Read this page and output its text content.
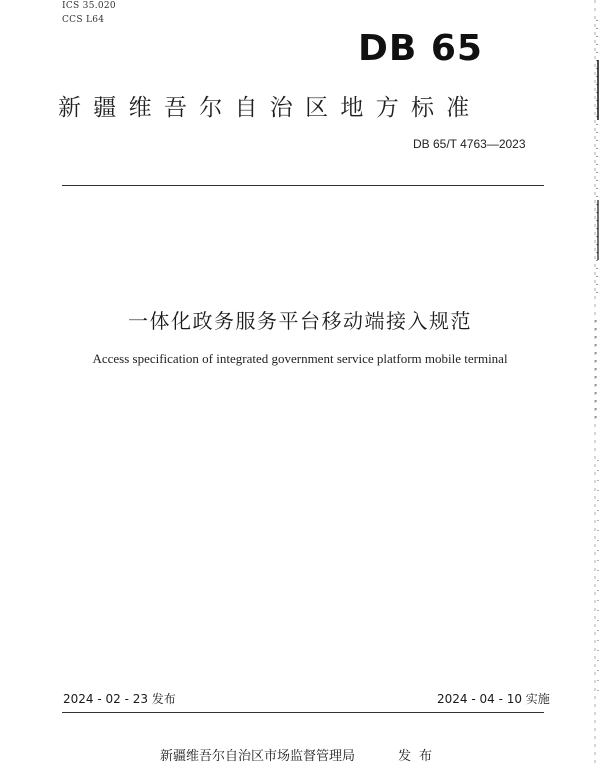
ICS 35.020
CCS L64
DB 65
新疆维吾尔自治区地方标准
DB 65/T 4763—2023
一体化政务服务平台移动端接入规范
Access specification of integrated government service platform mobile terminal
2024 - 02 - 23 发布	2024 - 04 - 10 实施
新疆维吾尔自治区市场监督管理局	发布
